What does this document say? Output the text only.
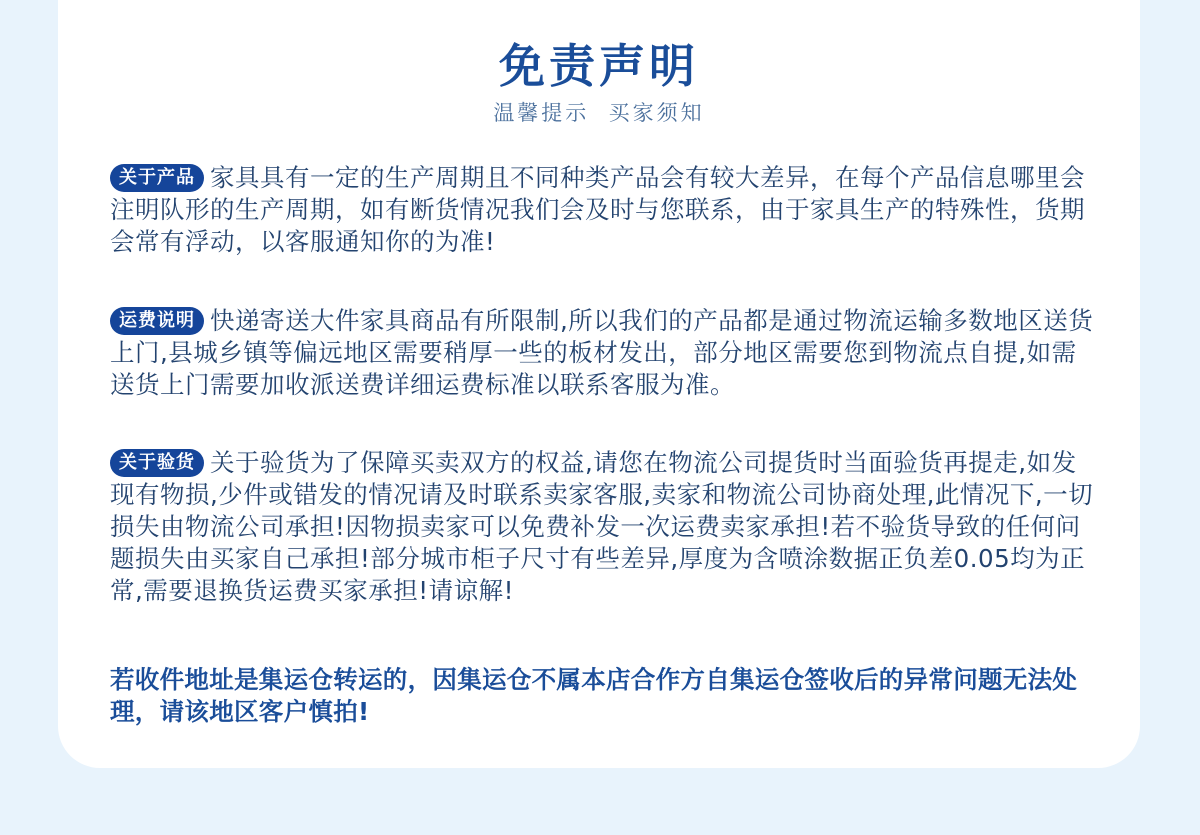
免责声明
温馨提示  买家须知
关于产品 家具具有一定的生产周期且不同种类产品会有较大差异，在每个产品信息哪里会注明队形的生产周期，如有断货情况我们会及时与您联系，由于家具生产的特殊性，货期会常有浮动，以客服通知你的为准!
运费说明 快递寄送大件家具商品有所限制,所以我们的产品都是通过物流运输多数地区送货上门,县城乡镇等偏远地区需要稍厚一些的板材发出，部分地区需要您到物流点自提,如需送货上门需要加收派送费详细运费标准以联系客服为准。
关于验货 关于验货为了保障买卖双方的权益,请您在物流公司提货时当面验货再提走,如发现有物损,少件或错发的情况请及时联系卖家客服,卖家和物流公司协商处理,此情况下,一切损失由物流公司承担!因物损卖家可以免费补发一次运费卖家承担!若不验货导致的任何问题损失由买家自己承担!部分城市柜子尺寸有些差异,厚度为含喷涂数据正负差0.05均为正常,需要退换货运费买家承担!请谅解!
若收件地址是集运仓转运的，因集运仓不属本店合作方自集运仓签收后的异常问题无法处理，请该地区客户慎拍!
